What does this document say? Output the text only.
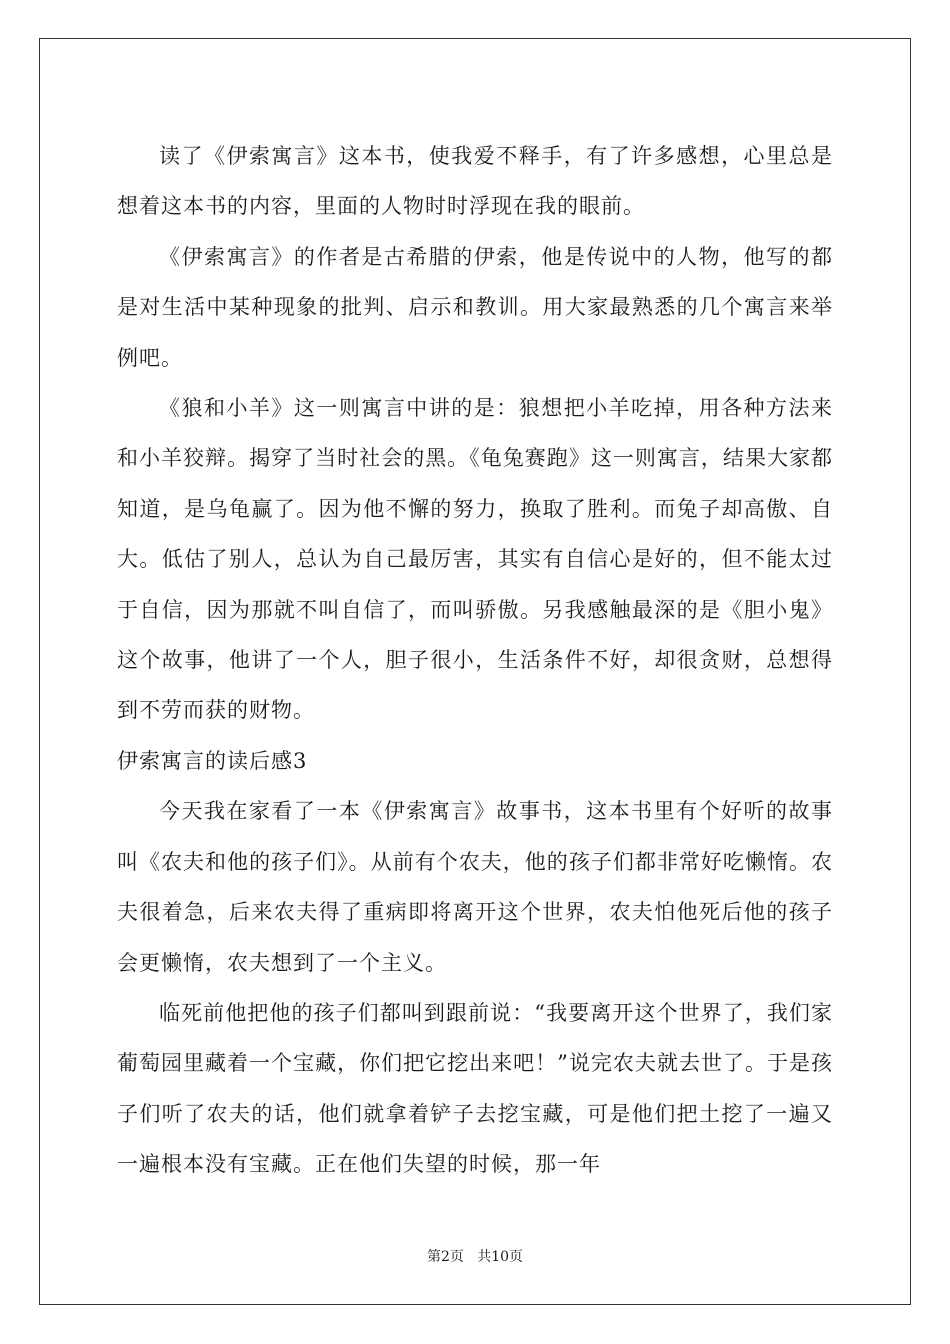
读了《伊索寓言》这本书，使我爱不释手，有了许多感想，心里总是想着这本书的内容，里面的人物时时浮现在我的眼前。

《伊索寓言》的作者是古希腊的伊索，他是传说中的人物，他写的都是对生活中某种现象的批判、启示和教训。用大家最熟悉的几个寓言来举例吧。

《狼和小羊》这一则寓言中讲的是：狼想把小羊吃掉，用各种方法来和小羊狡辩。揭穿了当时社会的黑。《龟兔赛跑》这一则寓言，结果大家都知道，是乌龟赢了。因为他不懈的努力，换取了胜利。而兔子却高傲、自大。低估了别人，总认为自己最厉害，其实有自信心是好的，但不能太过于自信，因为那就不叫自信了，而叫骄傲。另我感触最深的是《胆小鬼》这个故事，他讲了一个人，胆子很小，生活条件不好，却很贪财，总想得到不劳而获的财物。

伊索寓言的读后感3

今天我在家看了一本《伊索寓言》故事书，这本书里有个好听的故事叫《农夫和他的孩子们》。从前有个农夫，他的孩子们都非常好吃懒惰。农夫很着急，后来农夫得了重病即将离开这个世界，农夫怕他死后他的孩子会更懒惰，农夫想到了一个主义。

临死前他把他的孩子们都叫到跟前说：“我要离开这个世界了，我们家葡萄园里藏着一个宝藏，你们把它挖出来吧！”说完农夫就去世了。于是孩子们听了农夫的话，他们就拿着铲子去挖宝藏，可是他们把土挖了一遍又一遍根本没有宝藏。正在他们失望的时候，那一年

第2页   共10页
